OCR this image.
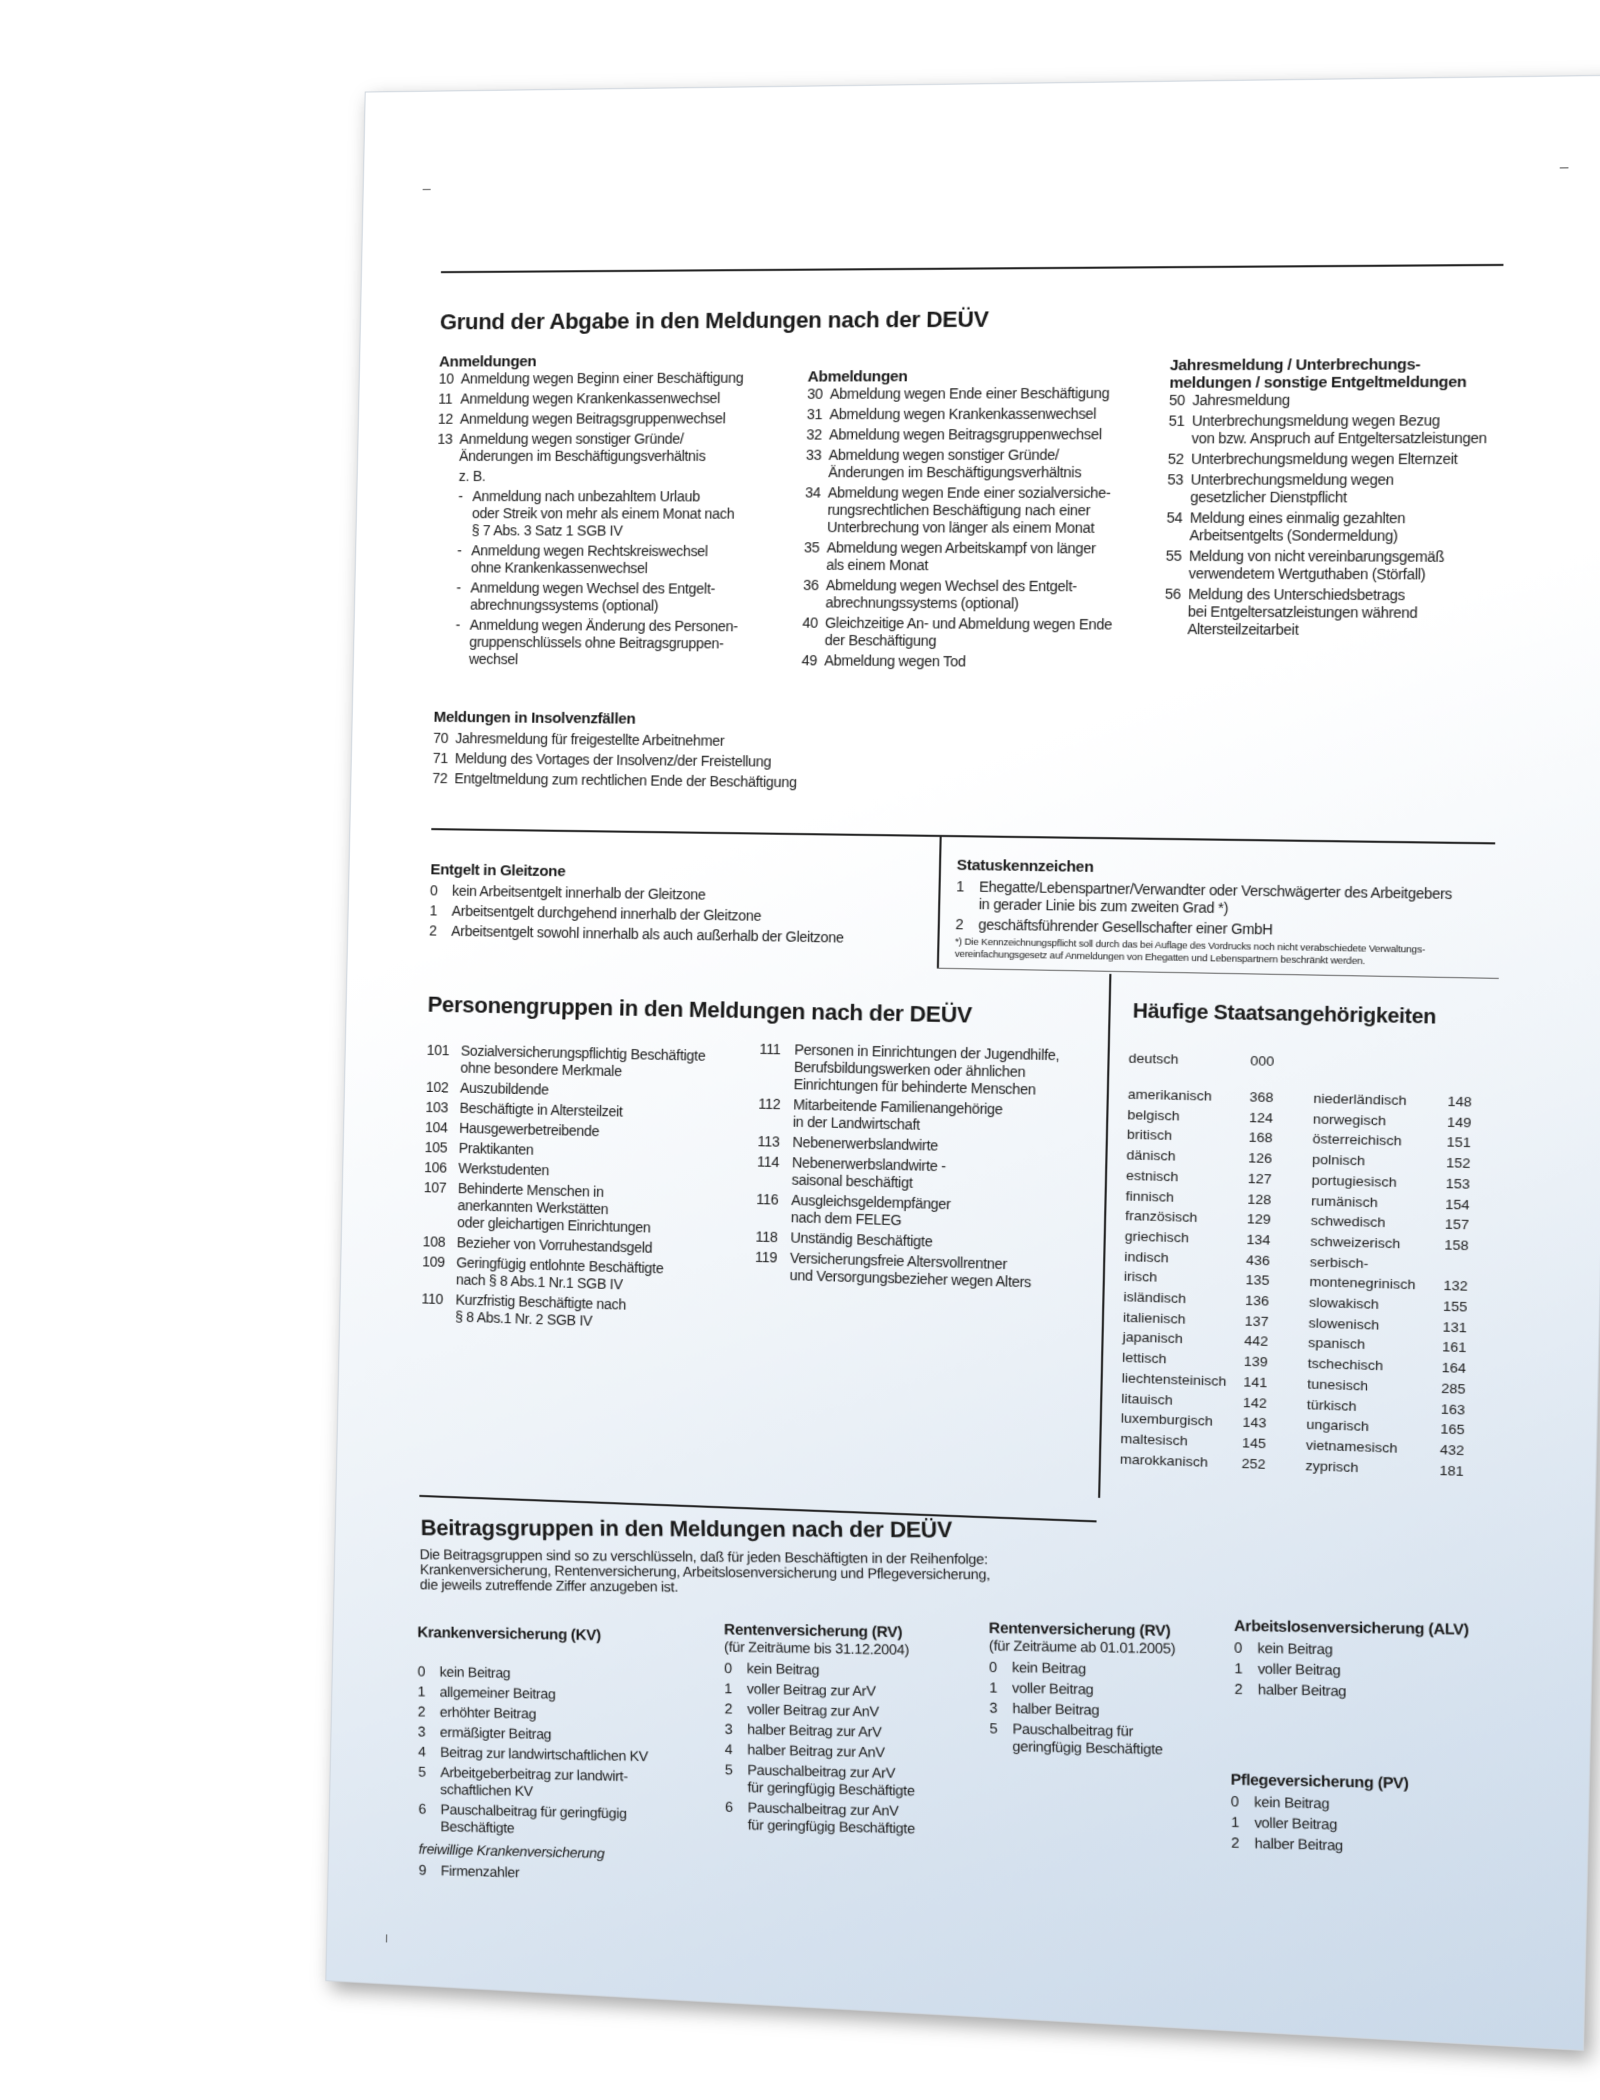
Grund der Abgabe in den Meldungen nach der DEÜV
Anmeldungen
10 Anmeldung wegen Beginn einer Beschäftigung
11 Anmeldung wegen Krankenkassenwechsel
12 Anmeldung wegen Beitragsgruppenwechsel
13 Anmeldung wegen sonstiger Gründe/
Änderungen im Beschäftigungsverhältnis
z. B.
- Anmeldung nach unbezahltem Urlaub
oder Streik von mehr als einem Monat nach
§ 7 Abs. 3 Satz 1 SGB IV
- Anmeldung wegen Rechtskreiswechsel
ohne Krankenkassenwechsel
- Anmeldung wegen Wechsel des Entgelt-
abrechnungssystems (optional)
- Anmeldung wegen Änderung des Personen-
gruppenschlüssels ohne Beitragsgruppen-
wechsel
Abmeldungen
30 Abmeldung wegen Ende einer Beschäftigung
31 Abmeldung wegen Krankenkassenwechsel
32 Abmeldung wegen Beitragsgruppenwechsel
33 Abmeldung wegen sonstiger Gründe/
Änderungen im Beschäftigungsverhältnis
34 Abmeldung wegen Ende einer sozialversiche-
rungsrechtlichen Beschäftigung nach einer
Unterbrechung von länger als einem Monat
35 Abmeldung wegen Arbeitskampf von länger
als einem Monat
36 Abmeldung wegen Wechsel des Entgelt-
abrechnungssystems (optional)
40 Gleichzeitige An- und Abmeldung wegen Ende
der Beschäftigung
49 Abmeldung wegen Tod
Jahresmeldung / Unterbrechungs-
meldungen / sonstige Entgeltmeldungen
50 Jahresmeldung
51 Unterbrechungsmeldung wegen Bezug
von bzw. Anspruch auf Entgeltersatzleistungen
52 Unterbrechungsmeldung wegen Elternzeit
53 Unterbrechungsmeldung wegen
gesetzlicher Dienstpflicht
54 Meldung eines einmalig gezahlten
Arbeitsentgelts (Sondermeldung)
55 Meldung von nicht vereinbarungsgemäß
verwendetem Wertguthaben (Störfall)
56 Meldung des Unterschiedsbetrags
bei Entgeltersatzleistungen während
Altersteilzeitarbeit
Meldungen in Insolvenzfällen
70 Jahresmeldung für freigestellte Arbeitnehmer
71 Meldung des Vortages der Insolvenz/der Freistellung
72 Entgeltmeldung zum rechtlichen Ende der Beschäftigung
Entgelt in Gleitzone
0	kein Arbeitsentgelt innerhalb der Gleitzone
1	Arbeitsentgelt durchgehend innerhalb der Gleitzone
2	Arbeitsentgelt sowohl innerhalb als auch außerhalb der Gleitzone
Statuskennzeichen
1	Ehegatte/Lebenspartner/Verwandter oder Verschwägerter des Arbeitgebers
in gerader Linie bis zum zweiten Grad *)
2	geschäftsführender Gesellschafter einer GmbH
*) Die Kennzeichnungspflicht soll durch das bei Auflage des Vordrucks noch nicht verabschiedete Verwaltungs-
vereinfachungsgesetz auf Anmeldungen von Ehegatten und Lebenspartnern beschränkt werden.
Personengruppen in den Meldungen nach der DEÜV
101 Sozialversicherungspflichtig Beschäftigte
ohne besondere Merkmale
102 Auszubildende
103 Beschäftigte in Altersteilzeit
104 Hausgewerbetreibende
105 Praktikanten
106 Werkstudenten
107 Behinderte Menschen in
anerkannten Werkstätten
oder gleichartigen Einrichtungen
108 Bezieher von Vorruhestandsgeld
109 Geringfügig entlohnte Beschäftigte
nach § 8 Abs.1 Nr.1 SGB IV
110 Kurzfristig Beschäftigte nach
§ 8 Abs.1 Nr. 2 SGB IV
111 Personen in Einrichtungen der Jugendhilfe,
Berufsbildungswerken oder ähnlichen
Einrichtungen für behinderte Menschen
112 Mitarbeitende Familienangehörige
in der Landwirtschaft
113 Nebenerwerbslandwirte
114 Nebenerwerbslandwirte -
saisonal beschäftigt
116 Ausgleichsgeldempfänger
nach dem FELEG
118 Unständig Beschäftigte
119 Versicherungsfreie Altersvollrentner
und Versorgungsbezieher wegen Alters
Häufige Staatsangehörigkeiten
deutsch	000
amerikanisch	368	niederländisch	148
belgisch	124	norwegisch	149
britisch	168	österreichisch	151
dänisch	126	polnisch	152
estnisch	127	portugiesisch	153
finnisch	128	rumänisch	154
französisch	129	schwedisch	157
griechisch	134	schweizerisch	158
indisch	436	serbisch-
irisch	135	montenegrinisch	132
isländisch	136	slowakisch	155
italienisch	137	slowenisch	131
japanisch	442	spanisch	161
lettisch	139	tschechisch	164
liechtensteinisch	141	tunesisch	285
litauisch	142	türkisch	163
luxemburgisch	143	ungarisch	165
maltesisch	145	vietnamesisch	432
marokkanisch	252	zyprisch	181
Beitragsgruppen in den Meldungen nach der DEÜV
Die Beitragsgruppen sind so zu verschlüsseln, daß für jeden Beschäftigten in der Reihenfolge:
Krankenversicherung, Rentenversicherung, Arbeitslosenversicherung und Pflegeversicherung,
die jeweils zutreffende Ziffer anzugeben ist.
Krankenversicherung (KV)
0	kein Beitrag
1	allgemeiner Beitrag
2	erhöhter Beitrag
3	ermäßigter Beitrag
4	Beitrag zur landwirtschaftlichen KV
5	Arbeitgeberbeitrag zur landwirt-
schaftlichen KV
6	Pauschalbeitrag für geringfügig
Beschäftigte
freiwillige Krankenversicherung
9	Firmenzahler
Rentenversicherung (RV)
(für Zeiträume bis 31.12.2004)
0	kein Beitrag
1	voller Beitrag zur ArV
2	voller Beitrag zur AnV
3	halber Beitrag zur ArV
4	halber Beitrag zur AnV
5	Pauschalbeitrag zur ArV
für geringfügig Beschäftigte
6	Pauschalbeitrag zur AnV
für geringfügig Beschäftigte
Rentenversicherung (RV)
(für Zeiträume ab 01.01.2005)
0	kein Beitrag
1	voller Beitrag
3	halber Beitrag
5	Pauschalbeitrag für
geringfügig Beschäftigte
Arbeitslosenversicherung (ALV)
0	kein Beitrag
1	voller Beitrag
2	halber Beitrag
Pflegeversicherung (PV)
0	kein Beitrag
1	voller Beitrag
2	halber Beitrag
